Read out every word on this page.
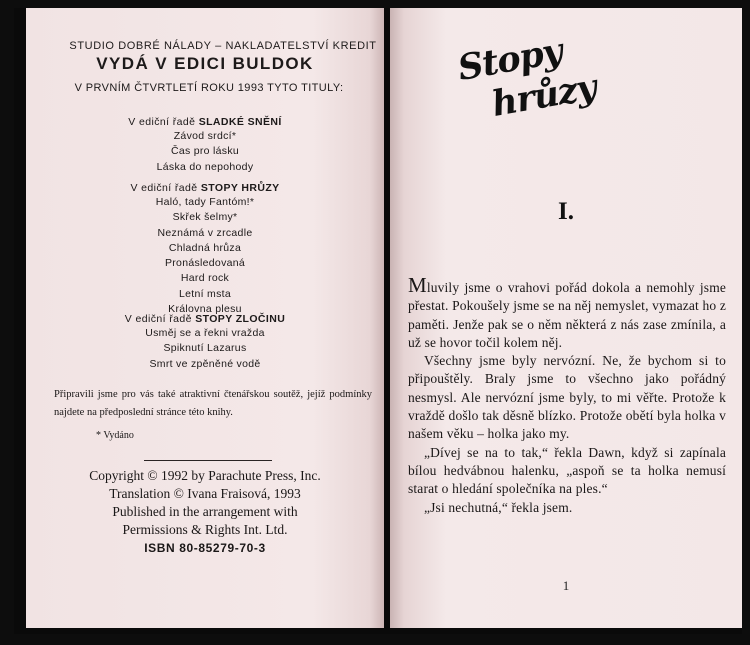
STUDIO DOBRÉ NÁLADY – NAKLADATELSTVÍ KREDIT
VYDÁ V EDICI BULDOK
V PRVNÍM ČTVRTLETÍ ROKU 1993 TYTO TITULY:
V ediční řadě SLADKÉ SNĚNÍ
Závod srdcí*
Čas pro lásku
Láska do nepohody
V ediční řadě STOPY HRŮZY
Haló, tady Fantóm!*
Skřek šelmy*
Neznámá v zrcadle
Chladná hrůza
Pronásledovaná
Hard rock
Letní msta
Královna plesu
V ediční řadě STOPY ZLOČINU
Usměj se a řekni vražda
Spiknutí Lazarus
Smrt ve zpěněné vodě
Připravili jsme pro vás také atraktivní čtenářskou soutěž, jejíž podmínky najdete na předposlední stránce této knihy.
* Vydáno
Copyright © 1992 by Parachute Press, Inc.
Translation © Ivana Fraisová, 1993
Published in the arrangement with
Permissions & Rights Int. Ltd.
ISBN 80-85279-70-3
Stopy
hrůzy
I.

Mluvily jsme o vrahovi pořád dokola a nemohly jsme přestat. Pokoušely jsme se na něj nemyslet, vymazat ho z paměti. Jenže pak se o něm některá z nás zase zmínila, a už se hovor točil kolem něj.

Všechny jsme byly nervózní. Ne, že bychom si to připouštěly. Braly jsme to všechno jako pořádný nesmysl. Ale nervózní jsme byly, to mi věřte. Protože k vraždě došlo tak děsně blízko. Protože obětí byla holka v našem věku – holka jako my.

„Dívej se na to tak,“ řekla Dawn, když si zapínala bílou hedvábnou halenku, „aspoň se ta holka nemusí starat o hledání společníka na ples.“

„Jsi nechutná,“ řekla jsem.

1
